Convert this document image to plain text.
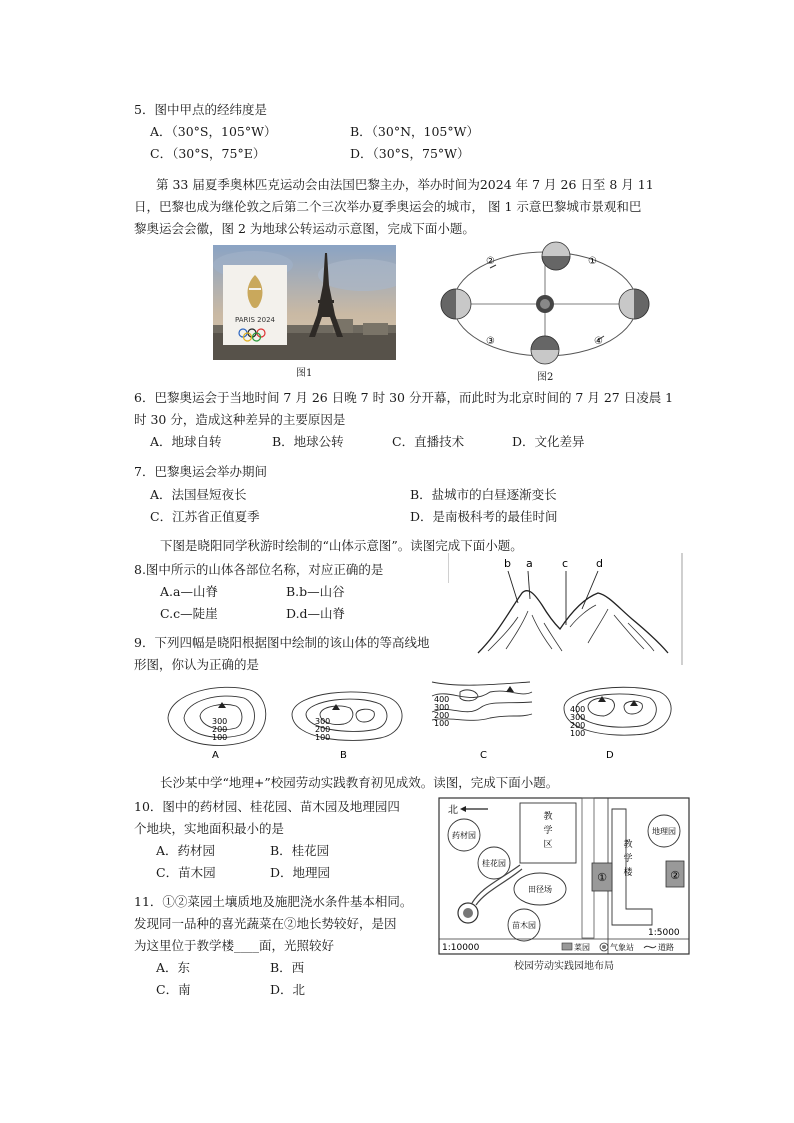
5．图中甲点的经纬度是
A．（30°S，105°W）	B．（30°N，105°W）
C．（30°S，75°E）	D．（30°S，75°W）
第 33 届夏季奥林匹克运动会由法国巴黎主办，举办时间为2024 年 7 月 26 日至 8 月 11
日，巴黎也成为继伦敦之后第二个三次举办夏季奥运会的城市， 图 1 示意巴黎城市景观和巴
黎奥运会会徽，图 2 为地球公转运动示意图，完成下面小题。
PARIS 2024
图1
②	①
③	④
图2
6．巴黎奥运会于当地时间 7 月 26 日晚 7 时 30 分开幕，而此时为北京时间的 7 月 27 日凌晨 1
时 30 分，造成这种差异的主要原因是
A．地球自转	B．地球公转	C．直播技术	D．文化差异
7．巴黎奥运会举办期间
A．法国昼短夜长	B．盐城市的白昼逐渐变长
C．江苏省正值夏季	D．是南极科考的最佳时间
下图是晓阳同学秋游时绘制的“山体示意图”。读图完成下面小题。
8.图中所示的山体各部位名称，对应正确的是
A.a—山脊	B.b—山谷
C.c—陡崖	D.d—山脊
b a	c	d
9．下列四幅是晓阳根据图中绘制的该山体的等高线地
形图，你认为正确的是
300
200
100
A
300
200
100
B
400
300
200
100
C
400
300
200
100
D
长沙某中学“地理+”校园劳动实践教育初见成效。读图，完成下面小题。
10．图中的药材园、桂花园、苗木园及地理园四
个地块，实地面积最小的是
A．药材园	B．桂花园
C．苗木园	D．地理园
11．①②菜园土壤质地及施肥浇水条件基本相同。
发现同一品种的喜光蔬菜在②地长势较好，是因
为这里位于教学楼____面，光照较好
A．东	B．西
C．南	D．北
北
教
学
区
药材园
桂花园
田径场
苗木园
教
学
楼
①
地理园
②
1:10000
1:5000
菜园	气象站	道路
校园劳动实践园地布局
